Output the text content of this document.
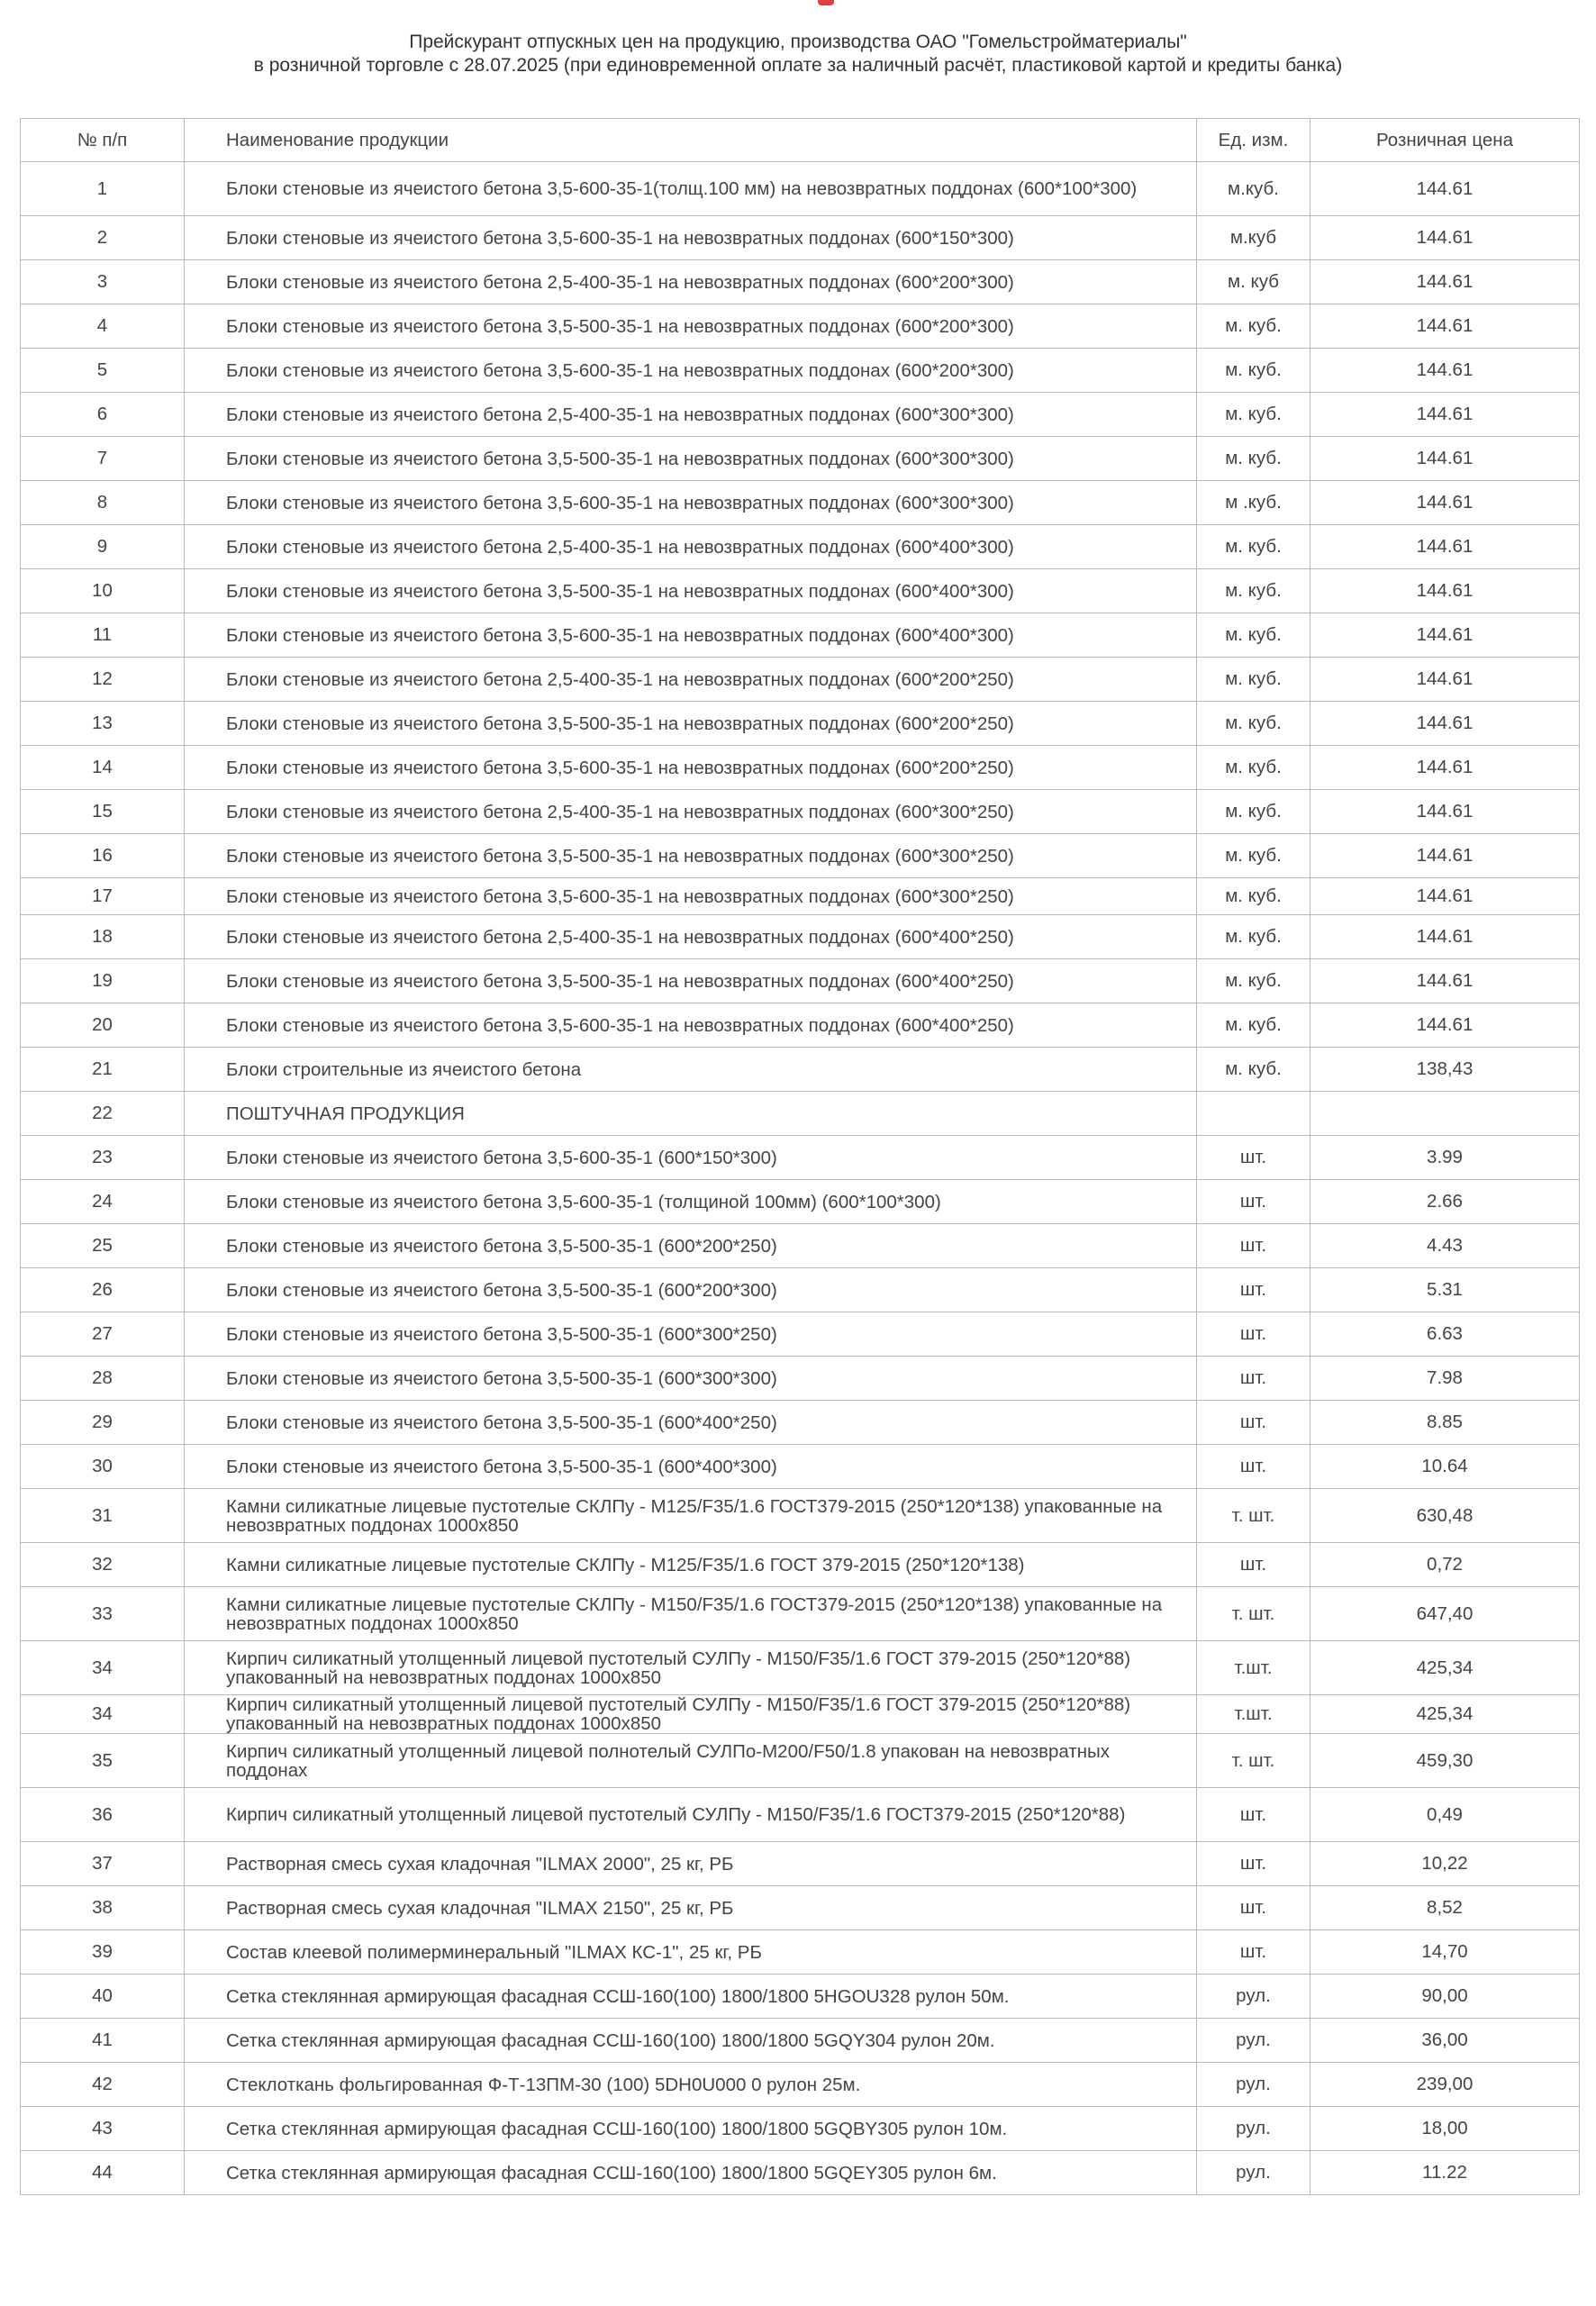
Прейскурант отпускных цен на продукцию, производства ОАО "Гомельстройматериалы"
в розничной торговле с 28.07.2025 (при единовременной оплате за наличный расчёт, пластиковой картой и кредиты банка)
№ п/п	Наименование продукции	Ед. изм.	Розничная цена
1	Блоки стеновые из ячеистого бетона 3,5-600-35-1(толщ.100 мм) на невозвратных поддонах (600*100*300)	м.куб.	144.61
2	Блоки стеновые из ячеистого бетона 3,5-600-35-1 на невозвратных поддонах (600*150*300)	м.куб	144.61
3	Блоки стеновые из ячеистого бетона 2,5-400-35-1 на невозвратных поддонах (600*200*300)	м. куб	144.61
4	Блоки стеновые из ячеистого бетона 3,5-500-35-1 на невозвратных поддонах (600*200*300)	м. куб.	144.61
5	Блоки стеновые из ячеистого бетона 3,5-600-35-1 на невозвратных поддонах (600*200*300)	м. куб.	144.61
6	Блоки стеновые из ячеистого бетона 2,5-400-35-1 на невозвратных поддонах (600*300*300)	м. куб.	144.61
7	Блоки стеновые из ячеистого бетона 3,5-500-35-1 на невозвратных поддонах (600*300*300)	м. куб.	144.61
8	Блоки стеновые из ячеистого бетона 3,5-600-35-1 на невозвратных поддонах (600*300*300)	м .куб.	144.61
9	Блоки стеновые из ячеистого бетона 2,5-400-35-1 на невозвратных поддонах (600*400*300)	м. куб.	144.61
10	Блоки стеновые из ячеистого бетона 3,5-500-35-1 на невозвратных поддонах (600*400*300)	м. куб.	144.61
11	Блоки стеновые из ячеистого бетона 3,5-600-35-1 на невозвратных поддонах (600*400*300)	м. куб.	144.61
12	Блоки стеновые из ячеистого бетона 2,5-400-35-1 на невозвратных поддонах (600*200*250)	м. куб.	144.61
13	Блоки стеновые из ячеистого бетона 3,5-500-35-1 на невозвратных поддонах (600*200*250)	м. куб.	144.61
14	Блоки стеновые из ячеистого бетона 3,5-600-35-1 на невозвратных поддонах (600*200*250)	м. куб.	144.61
15	Блоки стеновые из ячеистого бетона 2,5-400-35-1 на невозвратных поддонах (600*300*250)	м. куб.	144.61
16	Блоки стеновые из ячеистого бетона 3,5-500-35-1 на невозвратных поддонах (600*300*250)	м. куб.	144.61
17	Блоки стеновые из ячеистого бетона 3,5-600-35-1 на невозвратных поддонах (600*300*250)	м. куб.	144.61
18	Блоки стеновые из ячеистого бетона 2,5-400-35-1 на невозвратных поддонах (600*400*250)	м. куб.	144.61
19	Блоки стеновые из ячеистого бетона 3,5-500-35-1 на невозвратных поддонах (600*400*250)	м. куб.	144.61
20	Блоки стеновые из ячеистого бетона 3,5-600-35-1 на невозвратных поддонах (600*400*250)	м. куб.	144.61
21	Блоки строительные из ячеистого бетона	м. куб.	138,43
22	ПОШТУЧНАЯ ПРОДУКЦИЯ		
23	Блоки стеновые из ячеистого бетона 3,5-600-35-1 (600*150*300)	шт.	3.99
24	Блоки стеновые из ячеистого бетона 3,5-600-35-1 (толщиной 100мм) (600*100*300)	шт.	2.66
25	Блоки стеновые из ячеистого бетона 3,5-500-35-1 (600*200*250)	шт.	4.43
26	Блоки стеновые из ячеистого бетона 3,5-500-35-1 (600*200*300)	шт.	5.31
27	Блоки стеновые из ячеистого бетона 3,5-500-35-1 (600*300*250)	шт.	6.63
28	Блоки стеновые из ячеистого бетона 3,5-500-35-1 (600*300*300)	шт.	7.98
29	Блоки стеновые из ячеистого бетона 3,5-500-35-1 (600*400*250)	шт.	8.85
30	Блоки стеновые из ячеистого бетона 3,5-500-35-1 (600*400*300)	шт.	10.64
31	Камни силикатные лицевые пустотелые СКЛПу - М125/F35/1.6 ГОСТ379-2015 (250*120*138) упакованные на невозвратных поддонах 1000х850	т. шт.	630,48
32	Камни силикатные лицевые пустотелые СКЛПу - М125/F35/1.6 ГОСТ 379-2015 (250*120*138)	шт.	0,72
33	Камни силикатные лицевые пустотелые СКЛПу - М150/F35/1.6 ГОСТ379-2015 (250*120*138) упакованные на невозвратных поддонах 1000х850	т. шт.	647,40
34	Кирпич силикатный утолщенный лицевой пустотелый СУЛПу - М150/F35/1.6 ГОСТ 379-2015 (250*120*88) упакованный на невозвратных поддонах 1000х850	т.шт.	425,34
34	Кирпич силикатный утолщенный лицевой пустотелый СУЛПу - М150/F35/1.6 ГОСТ 379-2015 (250*120*88) упакованный на невозвратных поддонах 1000х850	т.шт.	425,34
35	Кирпич силикатный утолщенный лицевой полнотелый СУЛПо-М200/F50/1.8 упакован на невозвратных поддонах	т. шт.	459,30
36	Кирпич силикатный утолщенный лицевой пустотелый СУЛПу - М150/F35/1.6 ГОСТ379-2015 (250*120*88)	шт.	0,49
37	Растворная смесь сухая кладочная "ILMAX 2000", 25 кг, РБ	шт.	10,22
38	Растворная смесь сухая кладочная "ILMAX 2150", 25 кг, РБ	шт.	8,52
39	Состав клеевой полимерминеральный "ILMAX КС-1", 25 кг, РБ	шт.	14,70
40	Сетка стеклянная армирующая фасадная ССШ-160(100) 1800/1800 5HGOU328 рулон 50м.	рул.	90,00
41	Сетка стеклянная армирующая фасадная ССШ-160(100) 1800/1800 5GQY304 рулон 20м.	рул.	36,00
42	Стеклоткань фольгированная Ф-Т-13ПМ-30 (100) 5DH0U000 0 рулон 25м.	рул.	239,00
43	Сетка стеклянная армирующая фасадная ССШ-160(100) 1800/1800 5GQBY305 рулон 10м.	рул.	18,00
44	Сетка стеклянная армирующая фасадная ССШ-160(100) 1800/1800 5GQEY305 рулон 6м.	рул.	11.22
